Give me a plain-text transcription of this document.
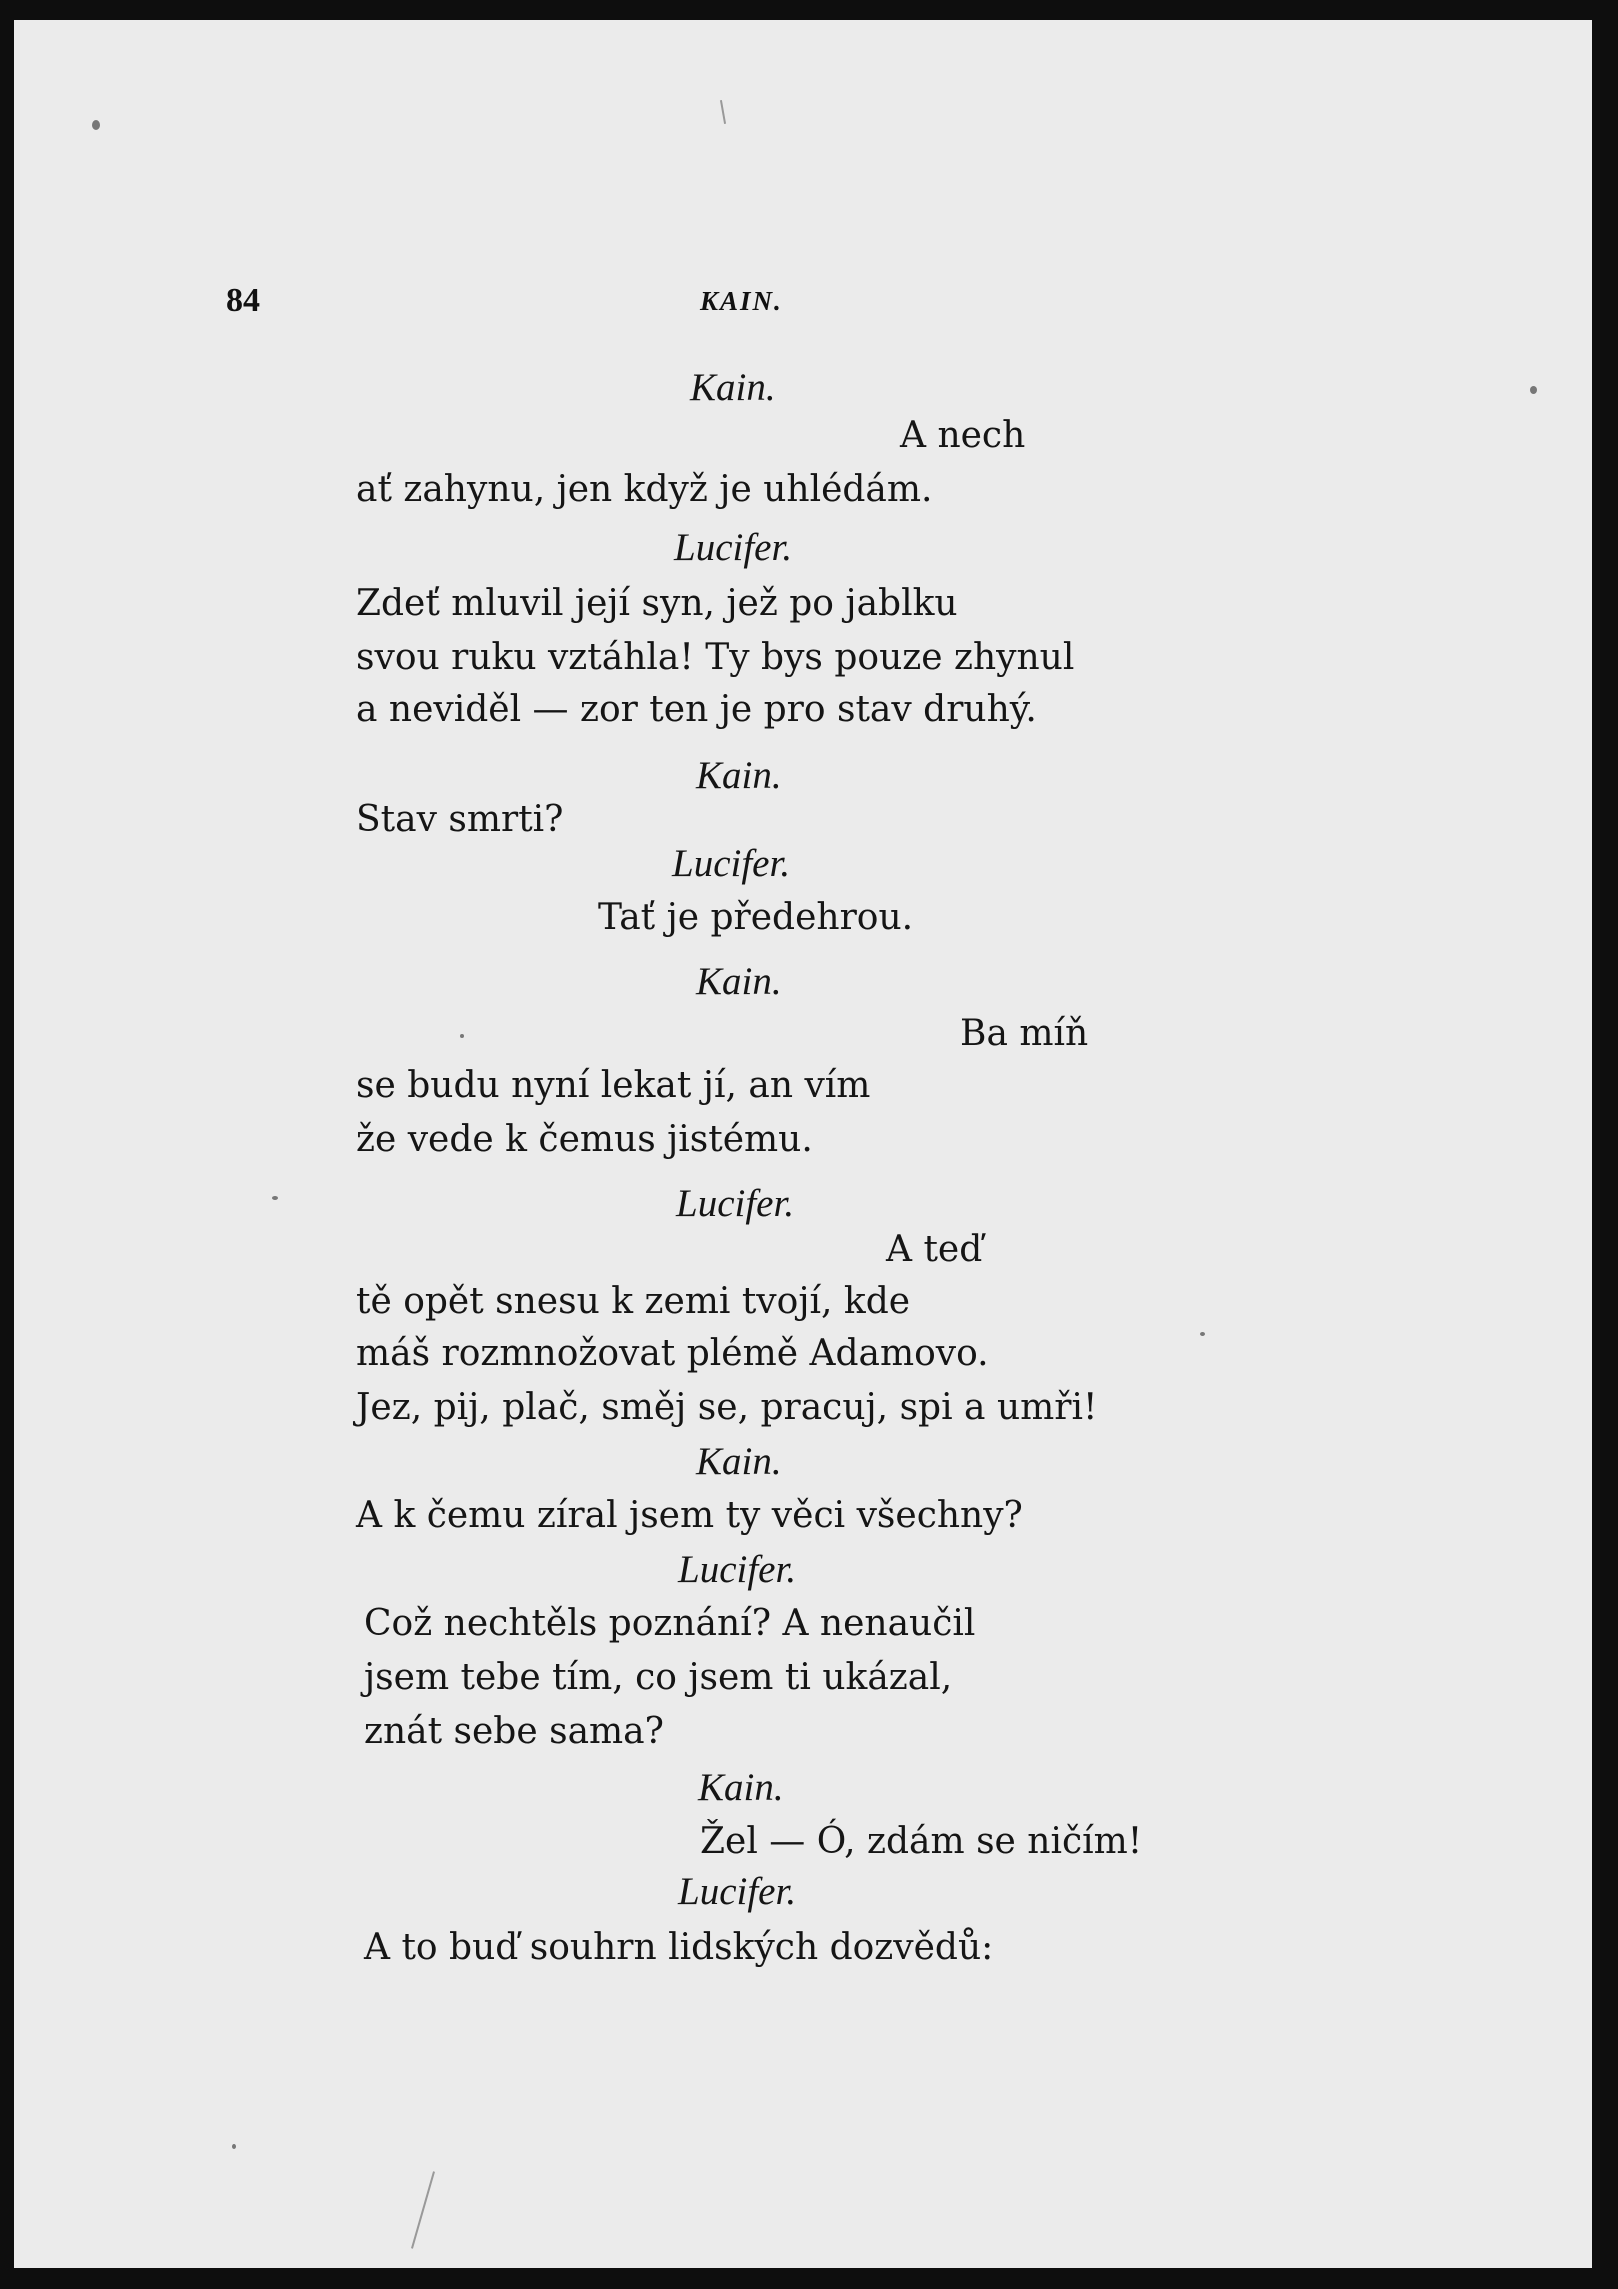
84	KAIN.
Kain.
A nech
ať zahynu, jen když je uhlédám.
Lucifer.
Zdeť mluvil její syn, jež po jablku
svou ruku vztáhla! Ty bys pouze zhynul
a neviděl — zor ten je pro stav druhý.
Kain.
Stav smrti?
Lucifer.
Tať je předehrou.
Kain.
Ba míň
se budu nyní lekat jí, an vím
že vede k čemus jistému.
Lucifer.
A teď
tě opět snesu k zemi tvojí, kde
máš rozmnožovat plémě Adamovo.
Jez, pij, plač, směj se, pracuj, spi a umři!
Kain.
A k čemu zíral jsem ty věci všechny?
Lucifer.
Což nechtěls poznání? A nenaučil
jsem tebe tím, co jsem ti ukázal,
znát sebe sama?
Kain.
Žel — Ó, zdám se ničím!
Lucifer.
A to buď souhrn lidských dozvědů:
